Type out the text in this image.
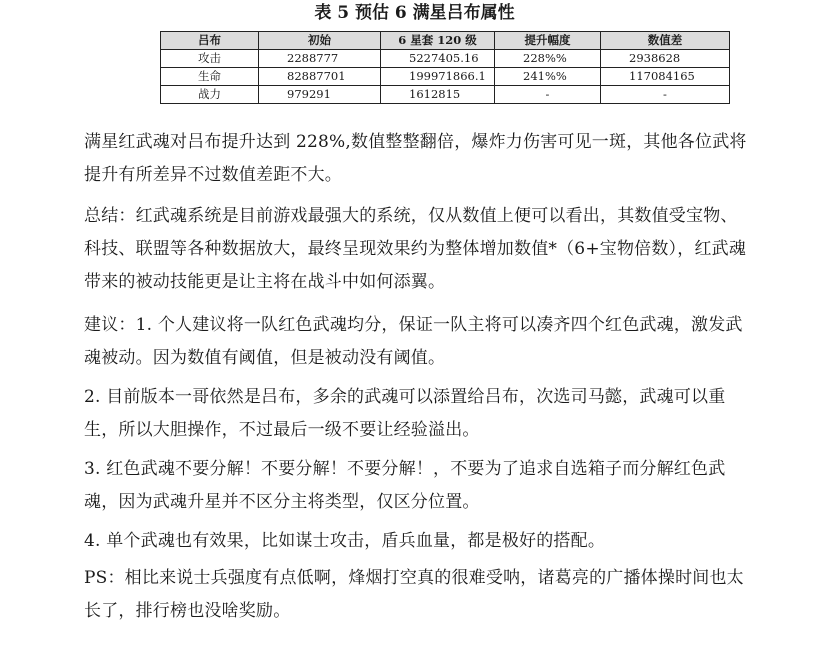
表 5 预估 6 满星吕布属性
吕布	初始	6 星套 120 级	提升幅度	数值差
攻击	2288777	5227405.16	228%%	2938628
生命	82887701	199971866.1	241%%	117084165
战力	979291	1612815	-	-

满星红武魂对吕布提升达到 228%,数值整整翻倍，爆炸力伤害可见一斑，其他各位武将提升有所差异不过数值差距不大。

总结：红武魂系统是目前游戏最强大的系统，仅从数值上便可以看出，其数值受宝物、科技、联盟等各种数据放大，最终呈现效果约为整体增加数值*（6+宝物倍数），红武魂带来的被动技能更是让主将在战斗中如何添翼。

建议：1. 个人建议将一队红色武魂均分，保证一队主将可以凑齐四个红色武魂，激发武魂被动。因为数值有阈值，但是被动没有阈值。

2. 目前版本一哥依然是吕布，多余的武魂可以添置给吕布，次选司马懿，武魂可以重生，所以大胆操作，不过最后一级不要让经验溢出。

3. 红色武魂不要分解！不要分解！不要分解！，不要为了追求自选箱子而分解红色武魂，因为武魂升星并不区分主将类型，仅区分位置。

4. 单个武魂也有效果，比如谋士攻击，盾兵血量，都是极好的搭配。

PS：相比来说士兵强度有点低啊，烽烟打空真的很难受呐，诸葛亮的广播体操时间也太长了，排行榜也没啥奖励。
